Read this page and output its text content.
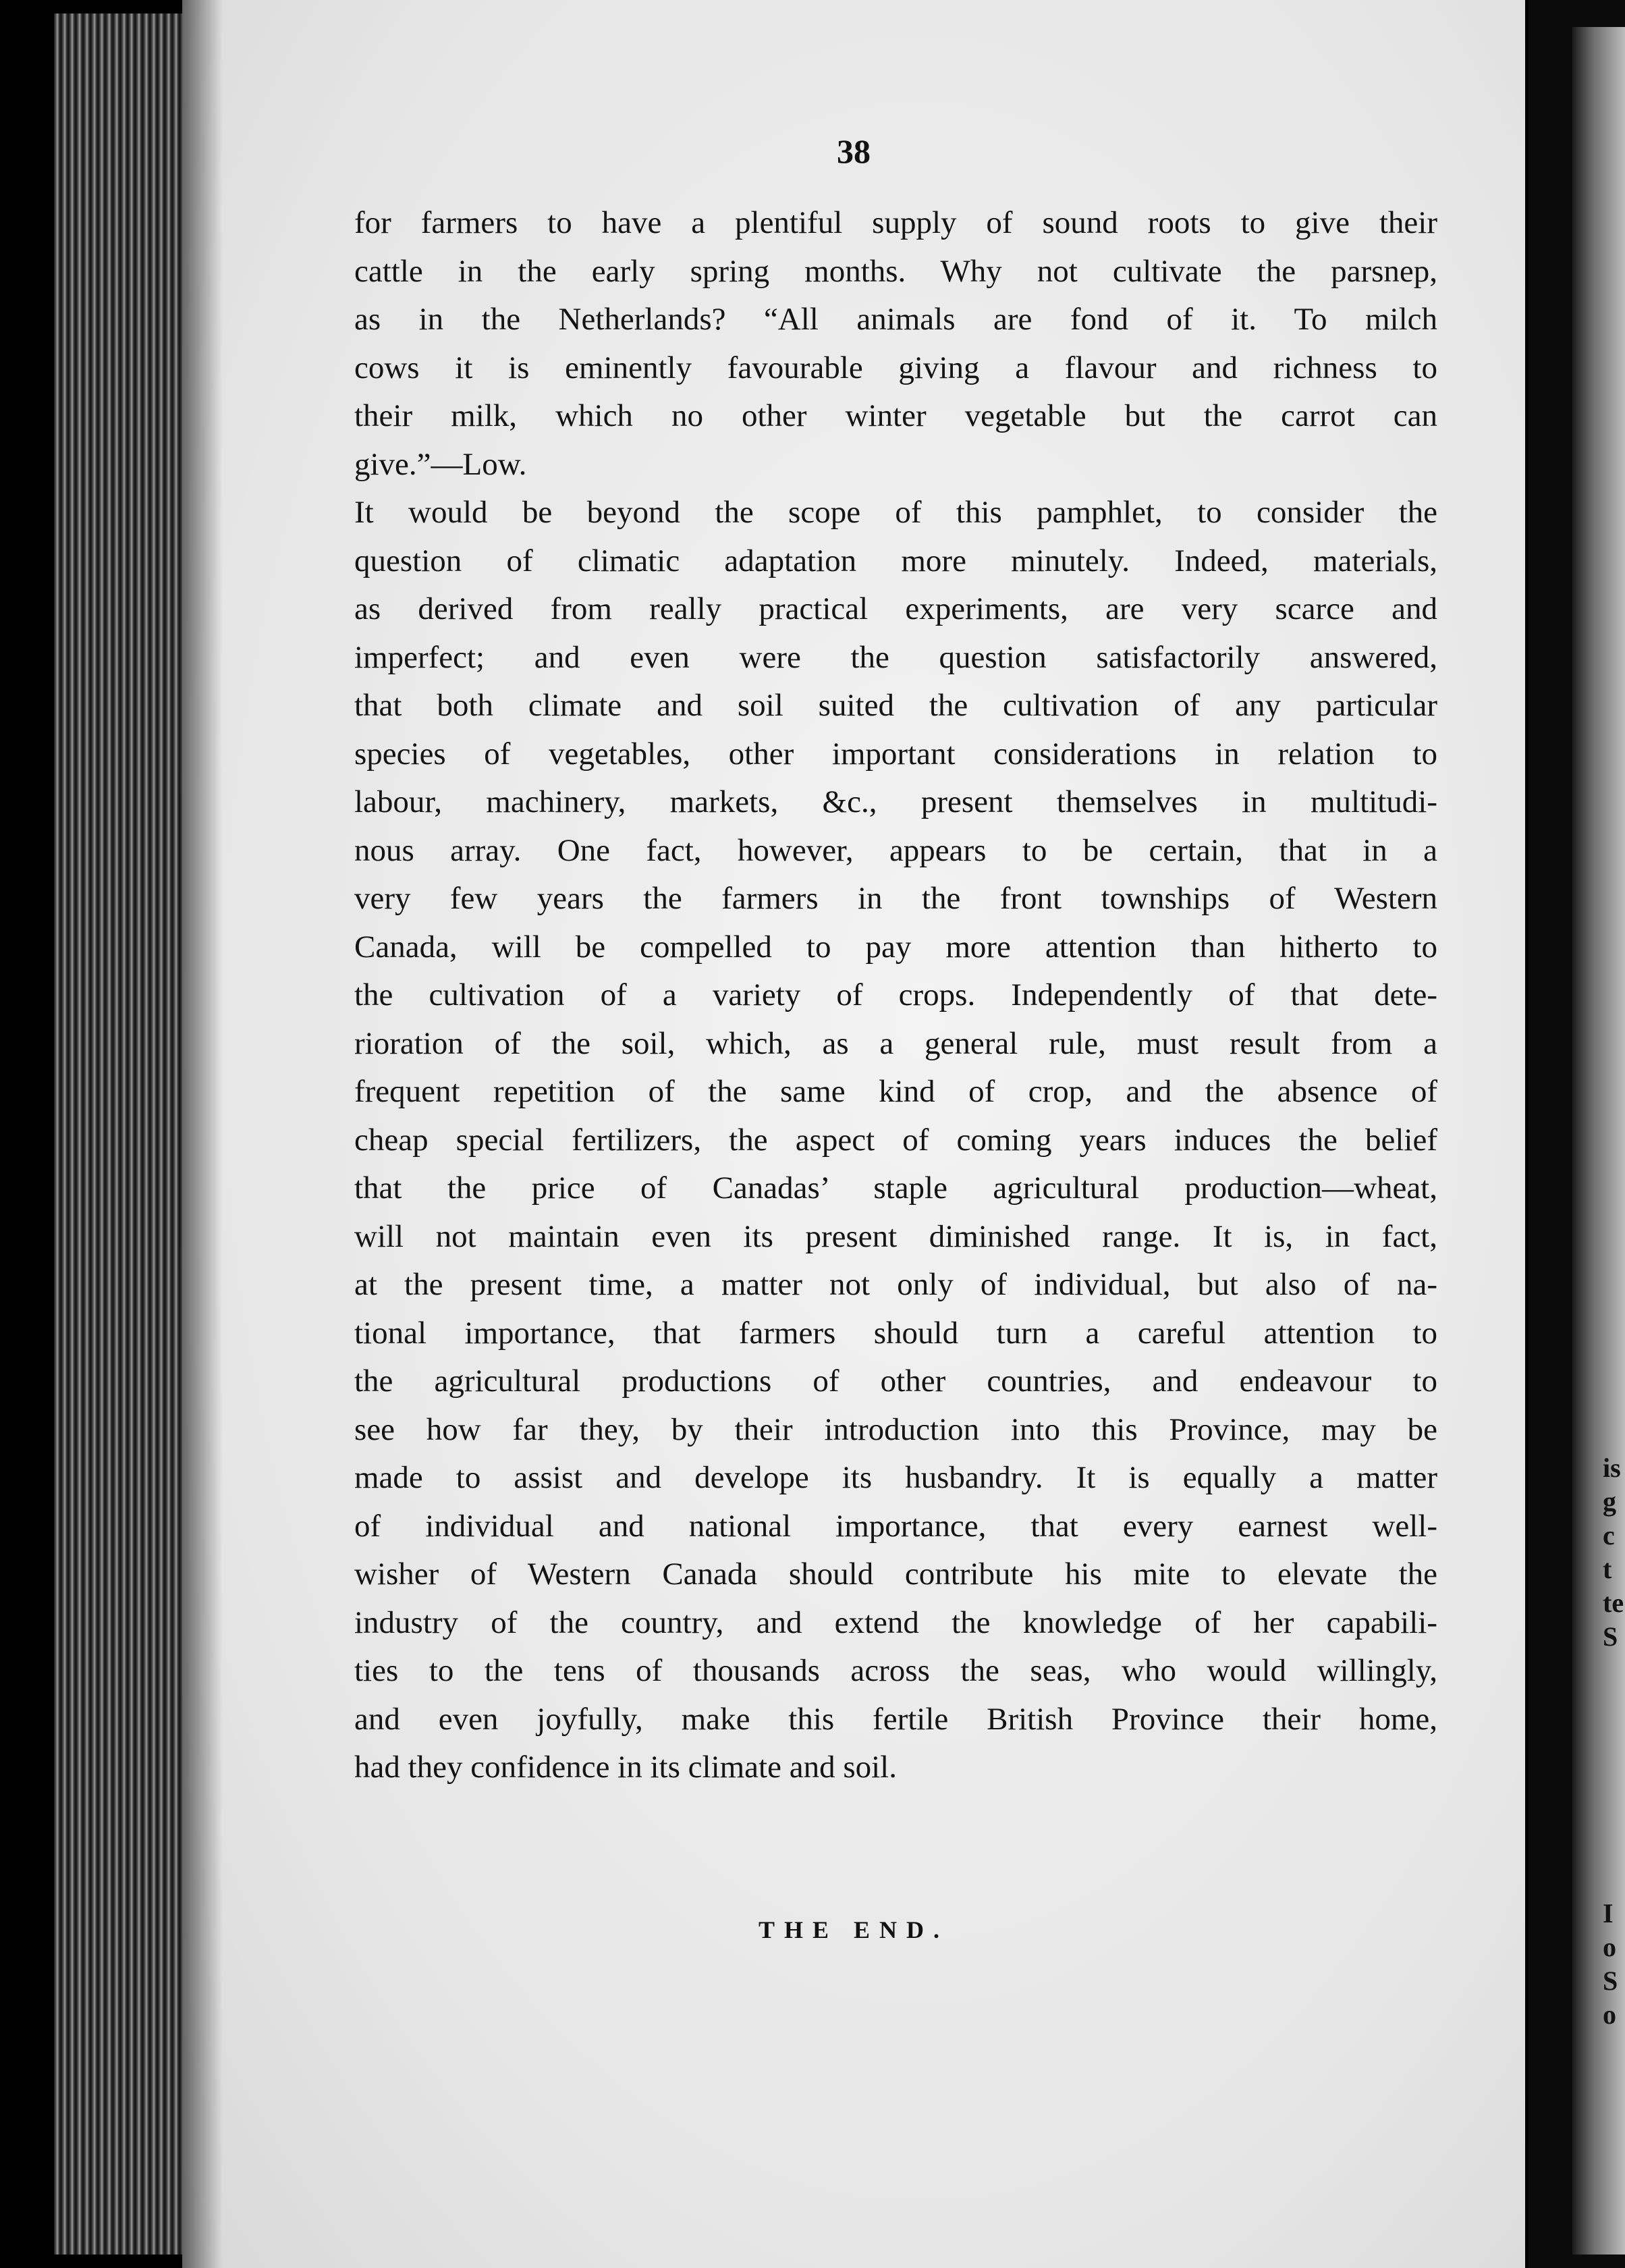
38
THE END.
for farmers to have a plentiful supply of sound roots to give their
cattle in the early spring months. Why not cultivate the parsnep,
as in the Netherlands? “All animals are fond of it. To milch
cows it is eminently favourable giving a flavour and richness to
their milk, which no other winter vegetable but the carrot can
give.”—Low.
It would be beyond the scope of this pamphlet, to consider the
question of climatic adaptation more minutely. Indeed, materials,
as derived from really practical experiments, are very scarce and
imperfect; and even were the question satisfactorily answered,
that both climate and soil suited the cultivation of any particular
species of vegetables, other important considerations in relation to
labour, machinery, markets, &c., present themselves in multitudi-
nous array. One fact, however, appears to be certain, that in a
very few years the farmers in the front townships of Western
Canada, will be compelled to pay more attention than hitherto to
the cultivation of a variety of crops. Independently of that dete-
rioration of the soil, which, as a general rule, must result from a
frequent repetition of the same kind of crop, and the absence of
cheap special fertilizers, the aspect of coming years induces the belief
that the price of Canadas’ staple agricultural production—wheat,
will not maintain even its present diminished range. It is, in fact,
at the present time, a matter not only of individual, but also of na-
tional importance, that farmers should turn a careful attention to
the agricultural productions of other countries, and endeavour to
see how far they, by their introduction into this Province, may be
made to assist and develope its husbandry. It is equally a matter
of individual and national importance, that every earnest well-
wisher of Western Canada should contribute his mite to elevate the
industry of the country, and extend the knowledge of her capabili-
ties to the tens of thousands across the seas, who would willingly,
and even joyfully, make this fertile British Province their home,
had they confidence in its climate and soil.
is
g
c
t
te
S
I
o
S
o
